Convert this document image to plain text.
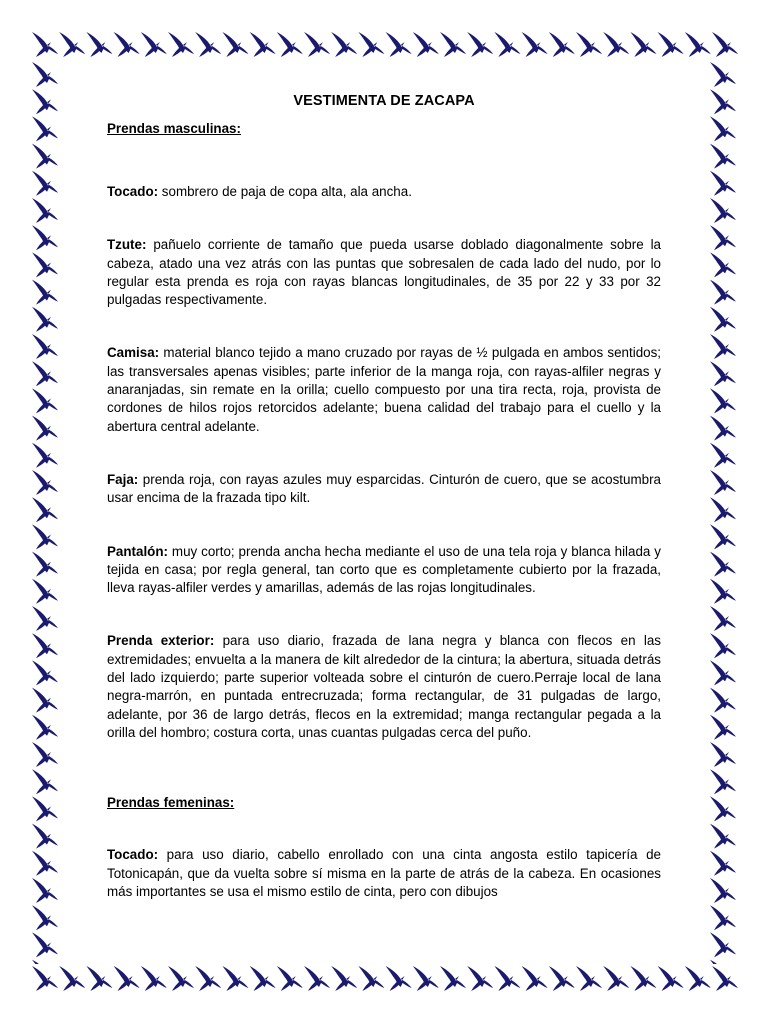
VESTIMENTA DE ZACAPA
Prendas masculinas:

Tocado: sombrero de paja de copa alta, ala ancha.

Tzute: pañuelo corriente de tamaño que pueda usarse doblado diagonalmente sobre la cabeza, atado una vez atrás con las puntas que sobresalen de cada lado del nudo, por lo regular esta prenda es roja con rayas blancas longitudinales, de 35 por 22 y 33 por 32 pulgadas respectivamente.

Camisa: material blanco tejido a mano cruzado por rayas de ½ pulgada en ambos sentidos; las transversales apenas visibles; parte inferior de la manga roja, con rayas-alfiler negras y anaranjadas, sin remate en la orilla; cuello compuesto por una tira recta, roja, provista de cordones de hilos rojos retorcidos adelante; buena calidad del trabajo para el cuello y la abertura central adelante.

Faja: prenda roja, con rayas azules muy esparcidas. Cinturón de cuero, que se acostumbra usar encima de la frazada tipo kilt.

Pantalón: muy corto; prenda ancha hecha mediante el uso de una tela roja y blanca hilada y tejida en casa; por regla general, tan corto que es completamente cubierto por la frazada, lleva rayas-alfiler verdes y amarillas, además de las rojas longitudinales.

Prenda exterior: para uso diario, frazada de lana negra y blanca con flecos en las extremidades; envuelta a la manera de kilt alrededor de la cintura; la abertura, situada detrás del lado izquierdo; parte superior volteada sobre el cinturón de cuero.Perraje local de lana negra-marrón, en puntada entrecruzada; forma rectangular, de 31 pulgadas de largo, adelante, por 36 de largo detrás, flecos en la extremidad; manga rectangular pegada a la orilla del hombro; costura corta, unas cuantas pulgadas cerca del puño.

Prendas femeninas:

Tocado: para uso diario, cabello enrollado con una cinta angosta estilo tapicería de Totonicapán, que da vuelta sobre sí misma en la parte de atrás de la cabeza. En ocasiones más importantes se usa el mismo estilo de cinta, pero con dibujos
